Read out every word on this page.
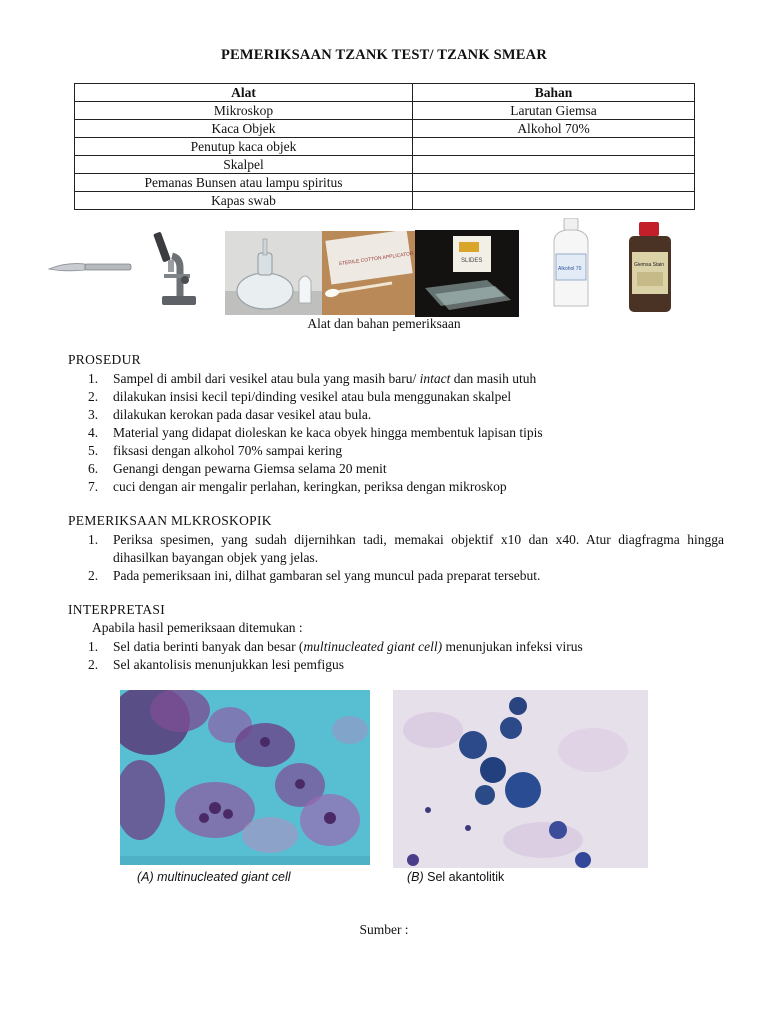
PEMERIKSAAN TZANK TEST/ TZANK SMEAR
Alat	Bahan
Mikroskop	Larutan Giemsa
Kaca Objek	Alkohol 70%
Penutup kaca objek	
Skalpel	
Pemanas Bunsen atau lampu spiritus	
Kapas swab	
STERILE COTTON APPLICATOR	SLIDES
Alkohol 70
Giemsa Stain
Alat dan bahan pemeriksaan
PROSEDUR
1. Sampel di ambil dari vesikel atau bula yang masih baru/ intact dan masih utuh
2. dilakukan insisi kecil tepi/dinding vesikel atau bula menggunakan skalpel
3. dilakukan kerokan pada dasar vesikel atau bula.
4. Material yang didapat dioleskan ke kaca obyek hingga membentuk lapisan tipis
5. fiksasi dengan alkohol 70% sampai kering
6. Genangi dengan pewarna Giemsa selama 20 menit
7. cuci dengan air mengalir perlahan, keringkan, periksa dengan mikroskop
PEMERIKSAAN MLKROSKOPIK
1. Periksa spesimen, yang sudah dijernihkan tadi, memakai objektif x10 dan x40. Atur diagfragma hingga dihasilkan bayangan objek yang jelas.
2. Pada pemeriksaan ini, dilhat gambaran sel yang muncul pada preparat tersebut.
INTERPRETASI
Apabila hasil pemeriksaan ditemukan :
1. Sel datia berinti banyak dan besar (multinucleated giant cell) menunjukan infeksi virus
2. Sel akantolisis menunjukkan lesi pemfigus
(A) multinucleated giant cell	(B) Sel akantolitik
Sumber :
